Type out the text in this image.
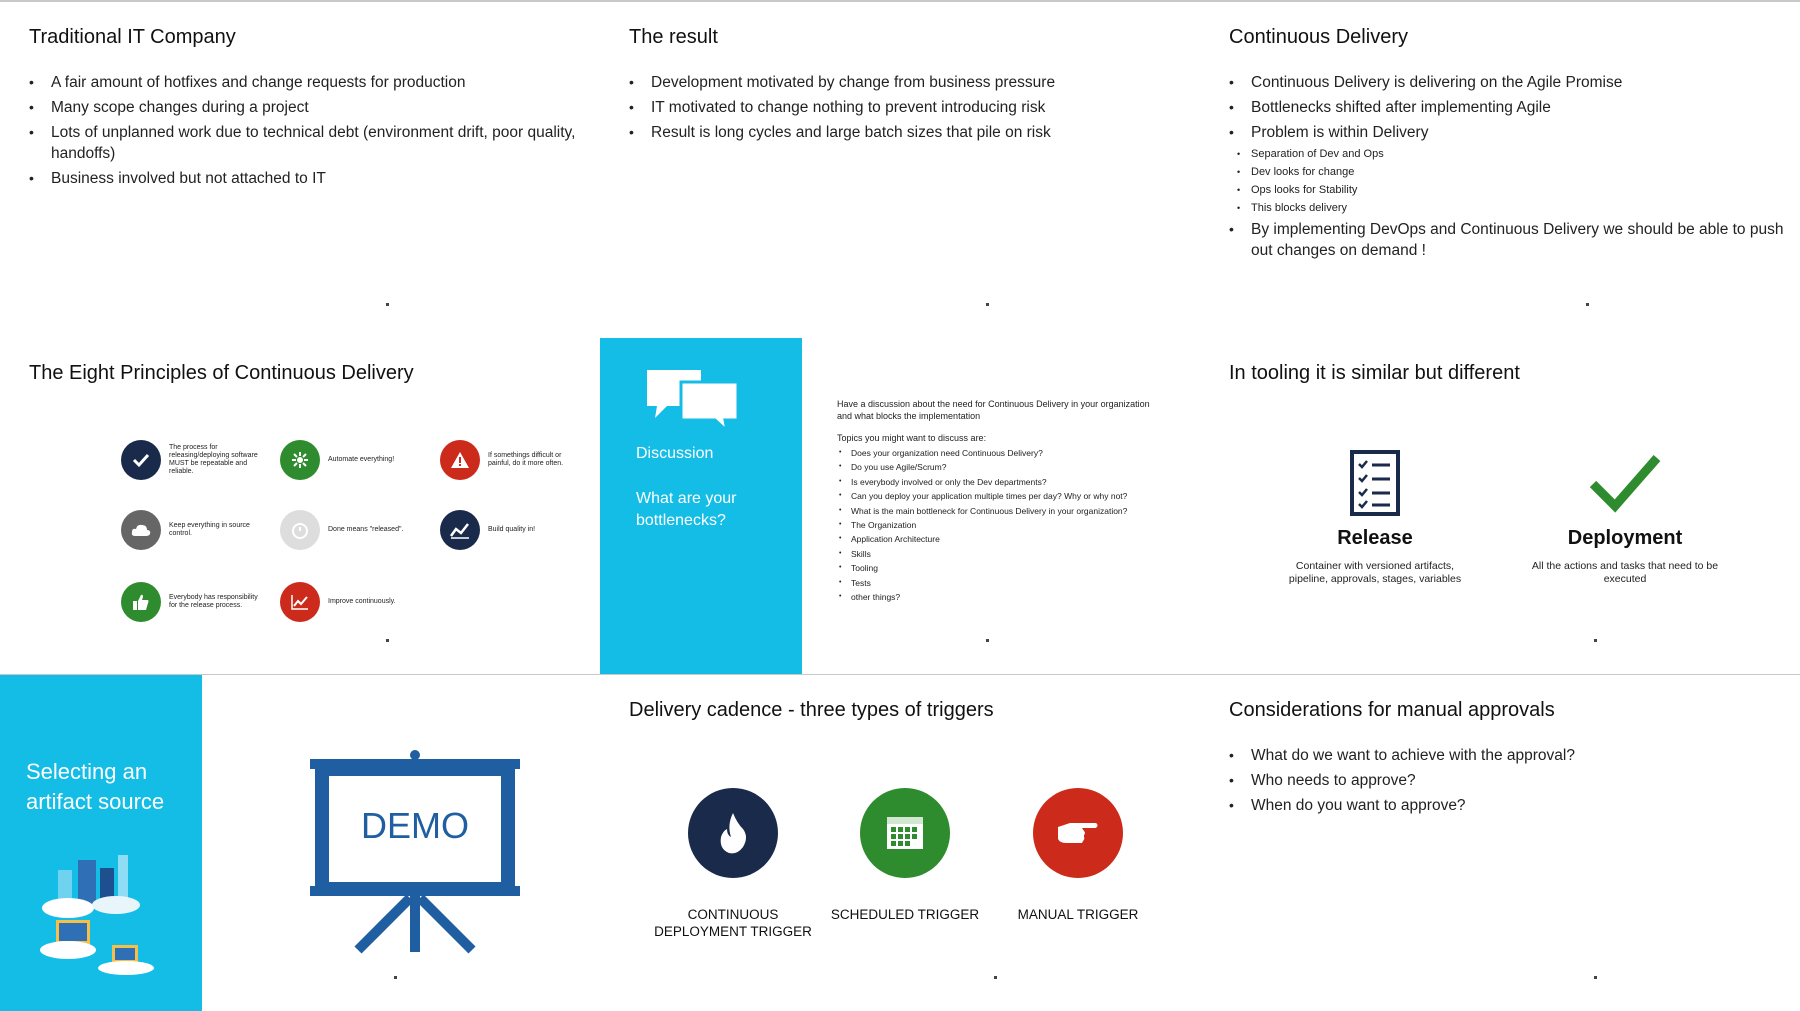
Traditional IT Company
• A fair amount of hotfixes and change requests for production
• Many scope changes during a project
• Lots of unplanned work due to technical debt (environment drift, poor quality, handoffs)
• Business involved but not attached to IT
The result
• Development motivated by change from business pressure
• IT motivated to change nothing to prevent introducing risk
• Result is long cycles and large batch sizes that pile on risk
Continuous Delivery
• Continuous Delivery is delivering on the Agile Promise
• Bottlenecks shifted after implementing Agile
• Problem is within Delivery
• Separation of Dev and Ops
• Dev looks for change
• Ops looks for Stability
• This blocks delivery
• By implementing DevOps and Continuous Delivery we should be able to push out changes on demand !
The Eight Principles of Continuous Delivery
The process for releasing/deploying software MUST be repeatable and reliable.
Automate everything!
If somethings difficult or painful, do it more often.
Keep everything in source control.
Done means "released".	Build quality in!
Everybody has responsibility for the release process.
Improve continuously.
Discussion
What are your bottlenecks?

Have a discussion about the need for Continuous Delivery in your organization and what blocks the implementation

Topics you might want to discuss are:

• Does your organization need Continuous Delivery?
• Do you use Agile/Scrum?
• Is everybody involved or only the Dev departments?
• Can you deploy your application multiple times per day? Why or why not?
• What is the main bottleneck for Continuous Delivery in your organization?
• The Organization
• Application Architecture
• Skills
• Tooling
• Tests
• other things?
In tooling it is similar but different
Release
Container with versioned artifacts, pipeline, approvals, stages, variables
Deployment
All the actions and tasks that need to be executed
Selecting an artifact source
DEMO
Delivery cadence - three types of triggers
CONTINUOUS DEPLOYMENT TRIGGER
SCHEDULED TRIGGER	MANUAL TRIGGER
Considerations for manual approvals
• What do we want to achieve with the approval?
• Who needs to approve?
• When do you want to approve?
